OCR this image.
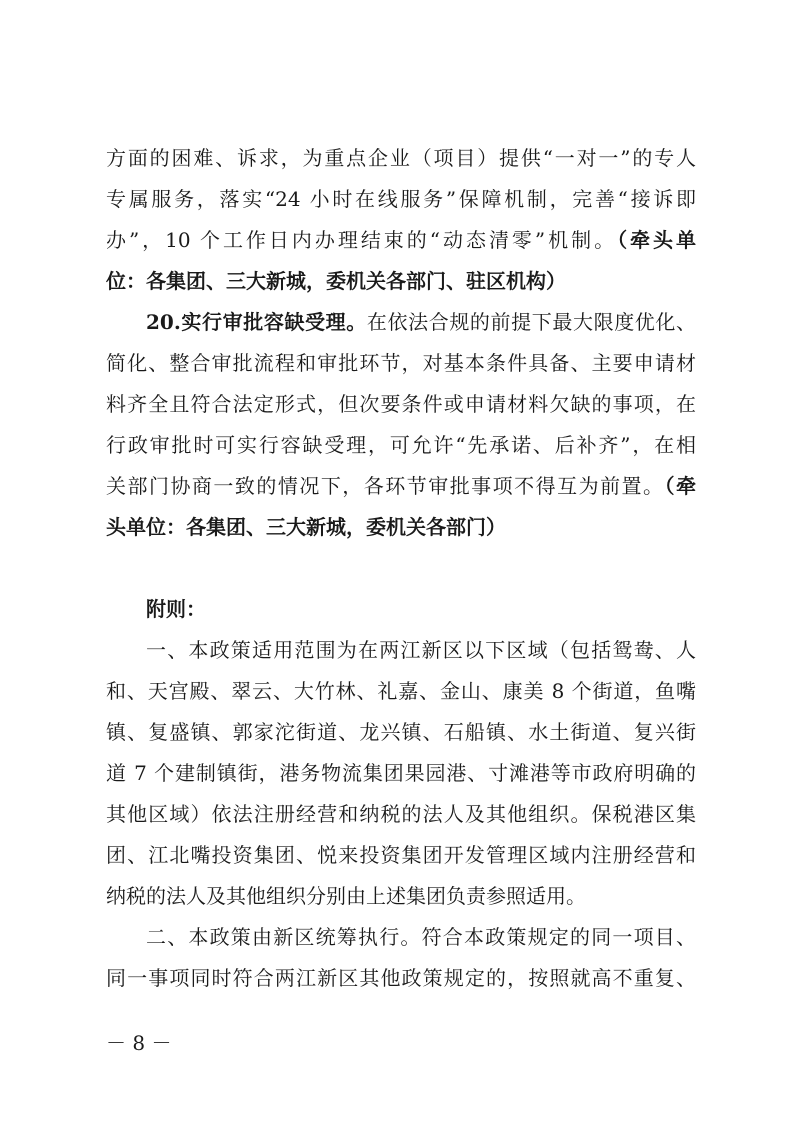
方面的困难、诉求，为重点企业（项目）提供“一对一”的专人
专属服务，落实“24 小时在线服务”保障机制，完善“接诉即
办”，10 个工作日内办理结束的“动态清零”机制。（牵头单
位：各集团、三大新城，委机关各部门、驻区机构）
20.实行审批容缺受理。在依法合规的前提下最大限度优化、
简化、整合审批流程和审批环节，对基本条件具备、主要申请材
料齐全且符合法定形式，但次要条件或申请材料欠缺的事项，在
行政审批时可实行容缺受理，可允许“先承诺、后补齐”，在相
关部门协商一致的情况下，各环节审批事项不得互为前置。（牵
头单位：各集团、三大新城，委机关各部门）
附则：
一、本政策适用范围为在两江新区以下区域（包括鸳鸯、人
和、天宫殿、翠云、大竹林、礼嘉、金山、康美 8 个街道，鱼嘴
镇、复盛镇、郭家沱街道、龙兴镇、石船镇、水土街道、复兴街
道 7 个建制镇街，港务物流集团果园港、寸滩港等市政府明确的
其他区域）依法注册经营和纳税的法人及其他组织。保税港区集
团、江北嘴投资集团、悦来投资集团开发管理区域内注册经营和
纳税的法人及其他组织分别由上述集团负责参照适用。
二、本政策由新区统筹执行。符合本政策规定的同一项目、
同一事项同时符合两江新区其他政策规定的，按照就高不重复、
－ 8 －
